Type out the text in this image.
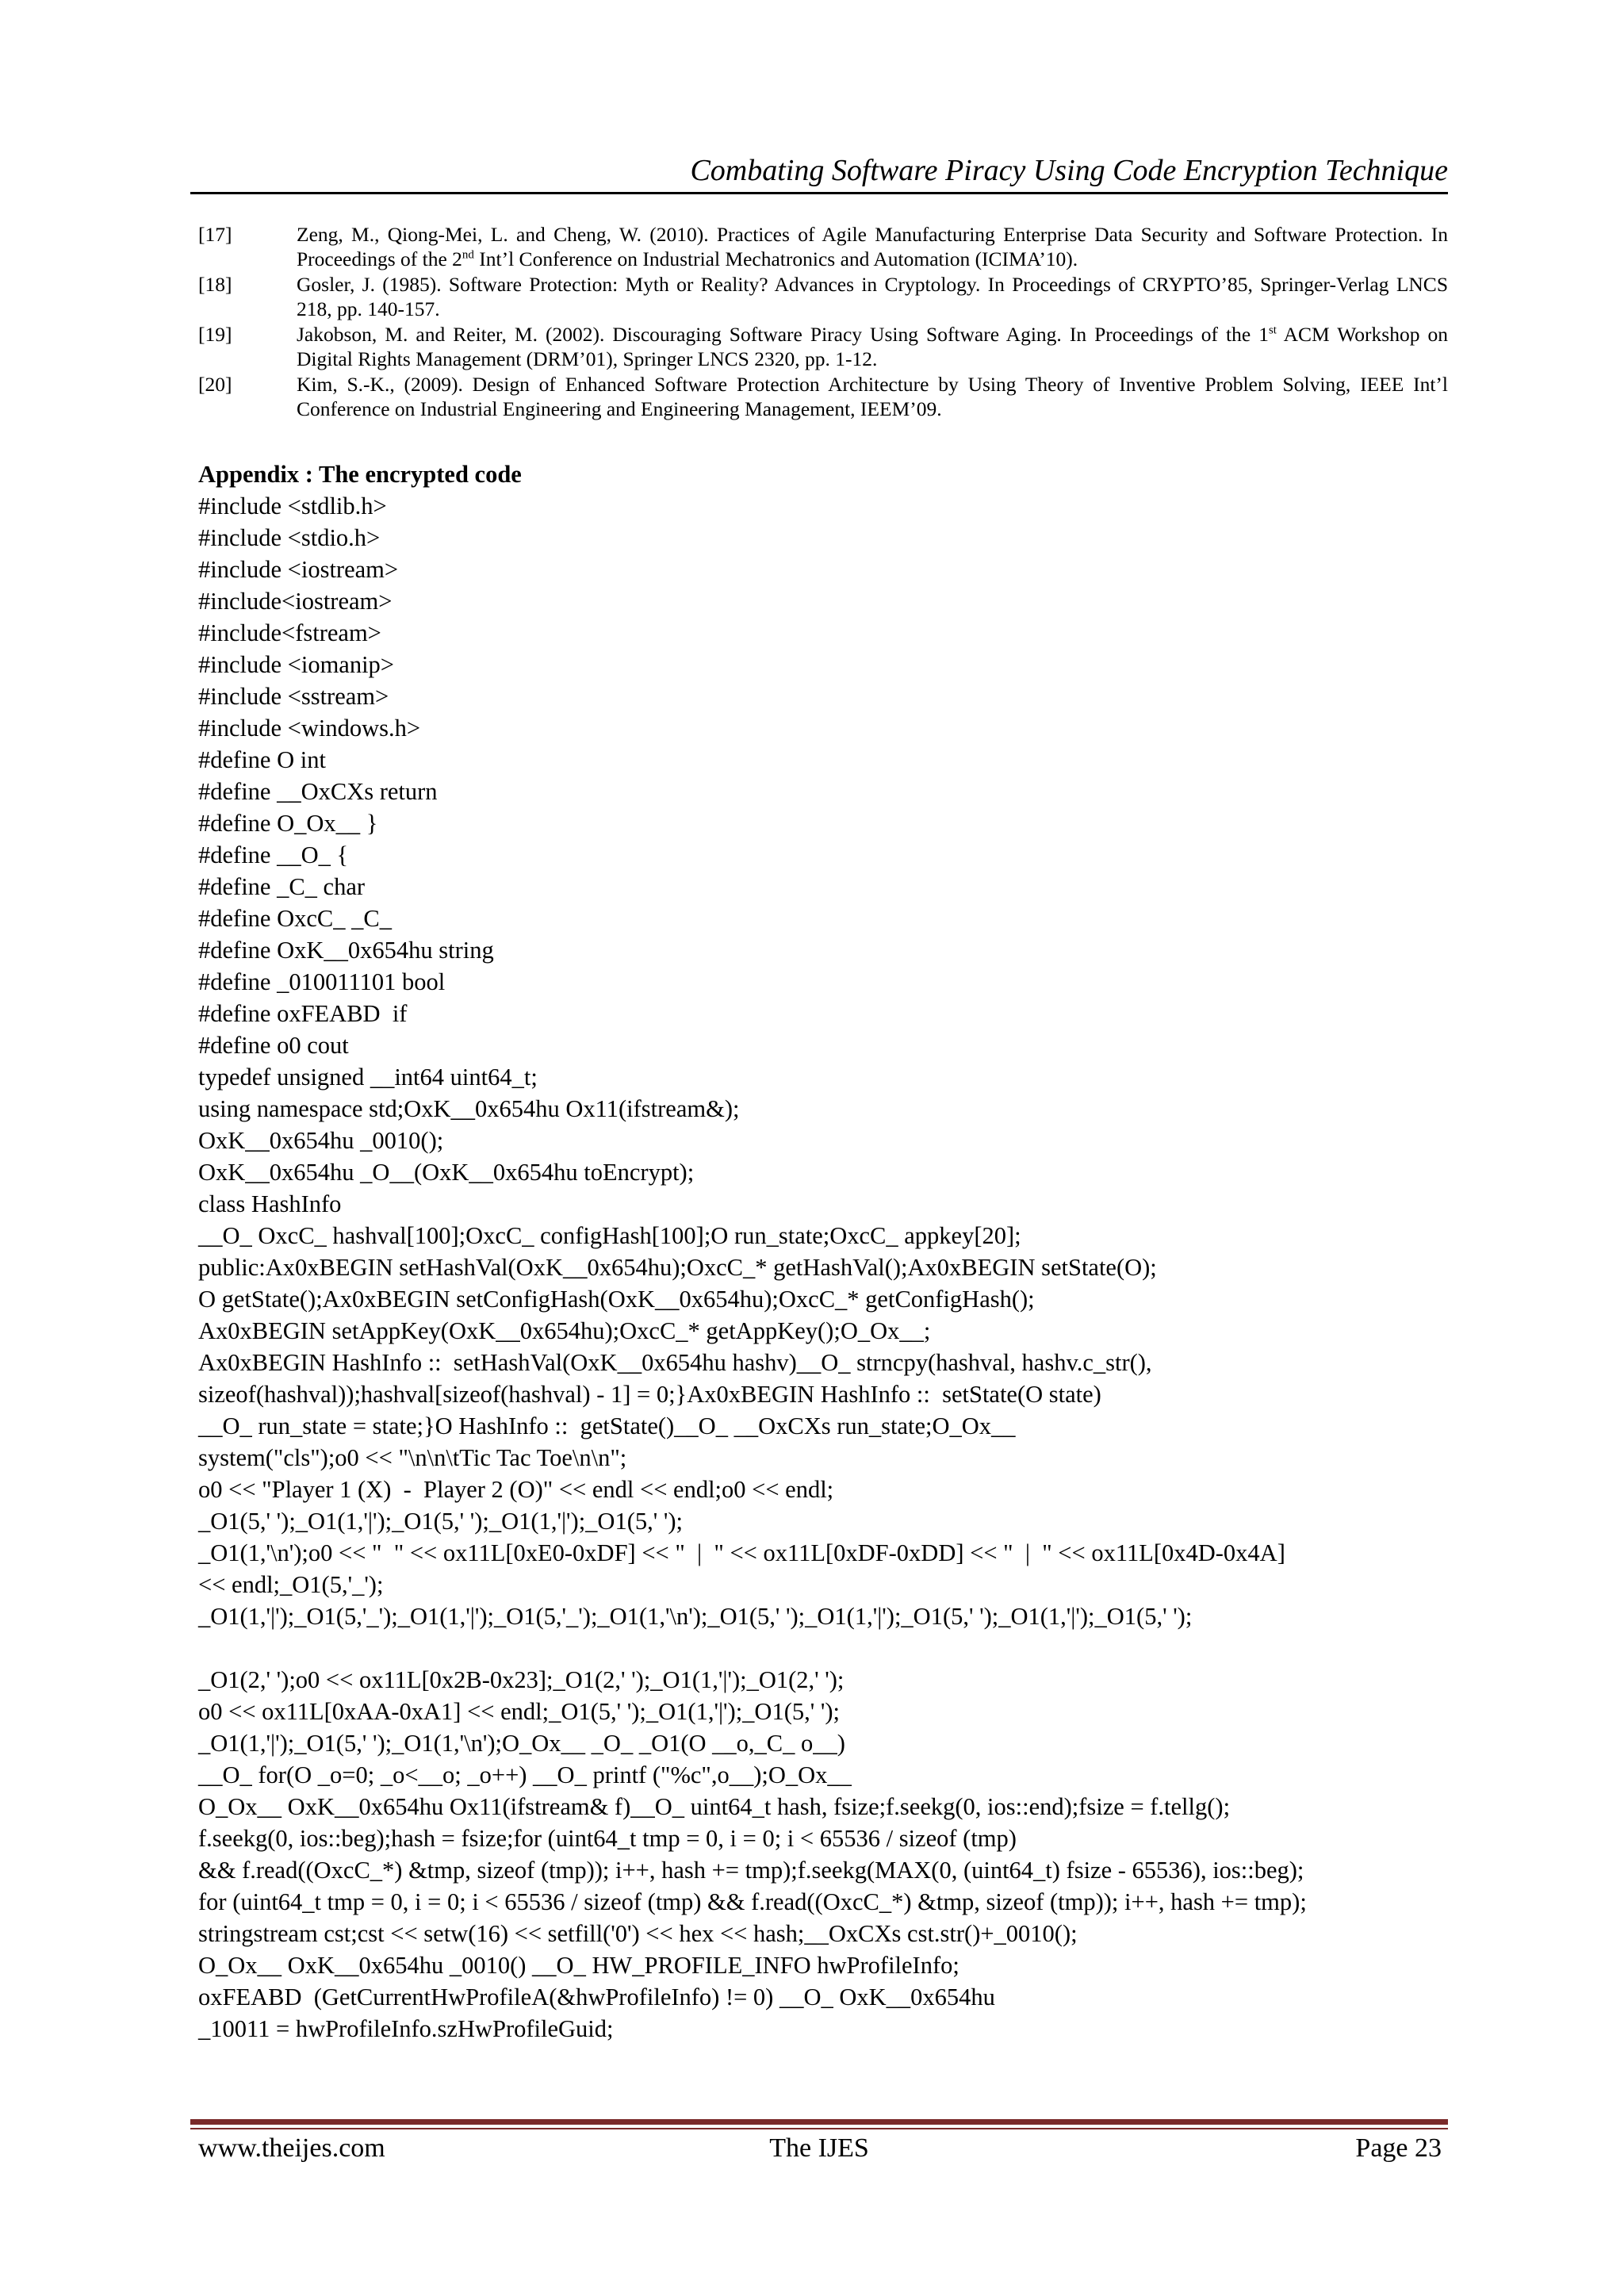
Combating Software Piracy Using Code Encryption Technique
[17]	Zeng, M., Qiong-Mei, L. and Cheng, W. (2010). Practices of Agile Manufacturing Enterprise Data Security and Software Protection. In Proceedings of the 2nd Int’l Conference on Industrial Mechatronics and Automation (ICIMA’10).
[18]	Gosler, J. (1985). Software Protection: Myth or Reality? Advances in Cryptology. In Proceedings of CRYPTO’85, Springer-Verlag LNCS 218, pp. 140-157.
[19]	Jakobson, M. and Reiter, M. (2002). Discouraging Software Piracy Using Software Aging. In Proceedings of the 1st ACM Workshop on Digital Rights Management (DRM’01), Springer LNCS 2320, pp. 1-12.
[20]	Kim, S.-K., (2009). Design of Enhanced Software Protection Architecture by Using Theory of Inventive Problem Solving, IEEE Int’l Conference on Industrial Engineering and Engineering Management, IEEM’09.
Appendix : The encrypted code
#include <stdlib.h>
#include <stdio.h>
#include <iostream>
#include<iostream>
#include<fstream>
#include <iomanip>
#include <sstream>
#include <windows.h>
#define O int
#define __OxCXs return
#define O_Ox__ }
#define __O_ {
#define _C_ char
#define OxcC_ _C_
#define OxK__0x654hu string
#define _010011101 bool
#define oxFEABD  if
#define o0 cout
typedef unsigned __int64 uint64_t;
using namespace std;OxK__0x654hu Ox11(ifstream&);
OxK__0x654hu _0010();
OxK__0x654hu _O__(OxK__0x654hu toEncrypt);
class HashInfo
__O_ OxcC_ hashval[100];OxcC_ configHash[100];O run_state;OxcC_ appkey[20];
public:Ax0xBEGIN setHashVal(OxK__0x654hu);OxcC_* getHashVal();Ax0xBEGIN setState(O);
O getState();Ax0xBEGIN setConfigHash(OxK__0x654hu);OxcC_* getConfigHash();
Ax0xBEGIN setAppKey(OxK__0x654hu);OxcC_* getAppKey();O_Ox__;
Ax0xBEGIN HashInfo ::  setHashVal(OxK__0x654hu hashv)__O_ strncpy(hashval, hashv.c_str(),
sizeof(hashval));hashval[sizeof(hashval) - 1] = 0;}Ax0xBEGIN HashInfo ::  setState(O state)
__O_ run_state = state;}O HashInfo ::  getState()__O_ __OxCXs run_state;O_Ox__
system("cls");o0 << "\n\n\tTic Tac Toe\n\n";
o0 << "Player 1 (X)  -  Player 2 (O)" << endl << endl;o0 << endl;
_O1(5,' ');_O1(1,'|');_O1(5,' ');_O1(1,'|');_O1(5,' ');
_O1(1,'\n');o0 << "  " << ox11L[0xE0-0xDF] << "  |  " << ox11L[0xDF-0xDD] << "  |  " << ox11L[0x4D-0x4A]
<< endl;_O1(5,'_');
_O1(1,'|');_O1(5,'_');_O1(1,'|');_O1(5,'_');_O1(1,'\n');_O1(5,' ');_O1(1,'|');_O1(5,' ');_O1(1,'|');_O1(5,' ');
_O1(2,' ');o0 << ox11L[0x2B-0x23];_O1(2,' ');_O1(1,'|');_O1(2,' ');
o0 << ox11L[0xAA-0xA1] << endl;_O1(5,' ');_O1(1,'|');_O1(5,' ');
_O1(1,'|');_O1(5,' ');_O1(1,'\n');O_Ox__ _O_ _O1(O __o,_C_ o__)
__O_ for(O _o=0; _o<__o; _o++) __O_ printf ("%c",o__);O_Ox__
O_Ox__ OxK__0x654hu Ox11(ifstream& f)__O_ uint64_t hash, fsize;f.seekg(0, ios::end);fsize = f.tellg();
f.seekg(0, ios::beg);hash = fsize;for (uint64_t tmp = 0, i = 0; i < 65536 / sizeof (tmp)
&& f.read((OxcC_*) &tmp, sizeof (tmp)); i++, hash += tmp);f.seekg(MAX(0, (uint64_t) fsize - 65536), ios::beg);
for (uint64_t tmp = 0, i = 0; i < 65536 / sizeof (tmp) && f.read((OxcC_*) &tmp, sizeof (tmp)); i++, hash += tmp);
stringstream cst;cst << setw(16) << setfill('0') << hex << hash;__OxCXs cst.str()+_0010();
O_Ox__ OxK__0x654hu _0010() __O_ HW_PROFILE_INFO hwProfileInfo;
oxFEABD  (GetCurrentHwProfileA(&hwProfileInfo) != 0) __O_ OxK__0x654hu
_10011 = hwProfileInfo.szHwProfileGuid;
www.theijes.com	The IJES	Page 23
